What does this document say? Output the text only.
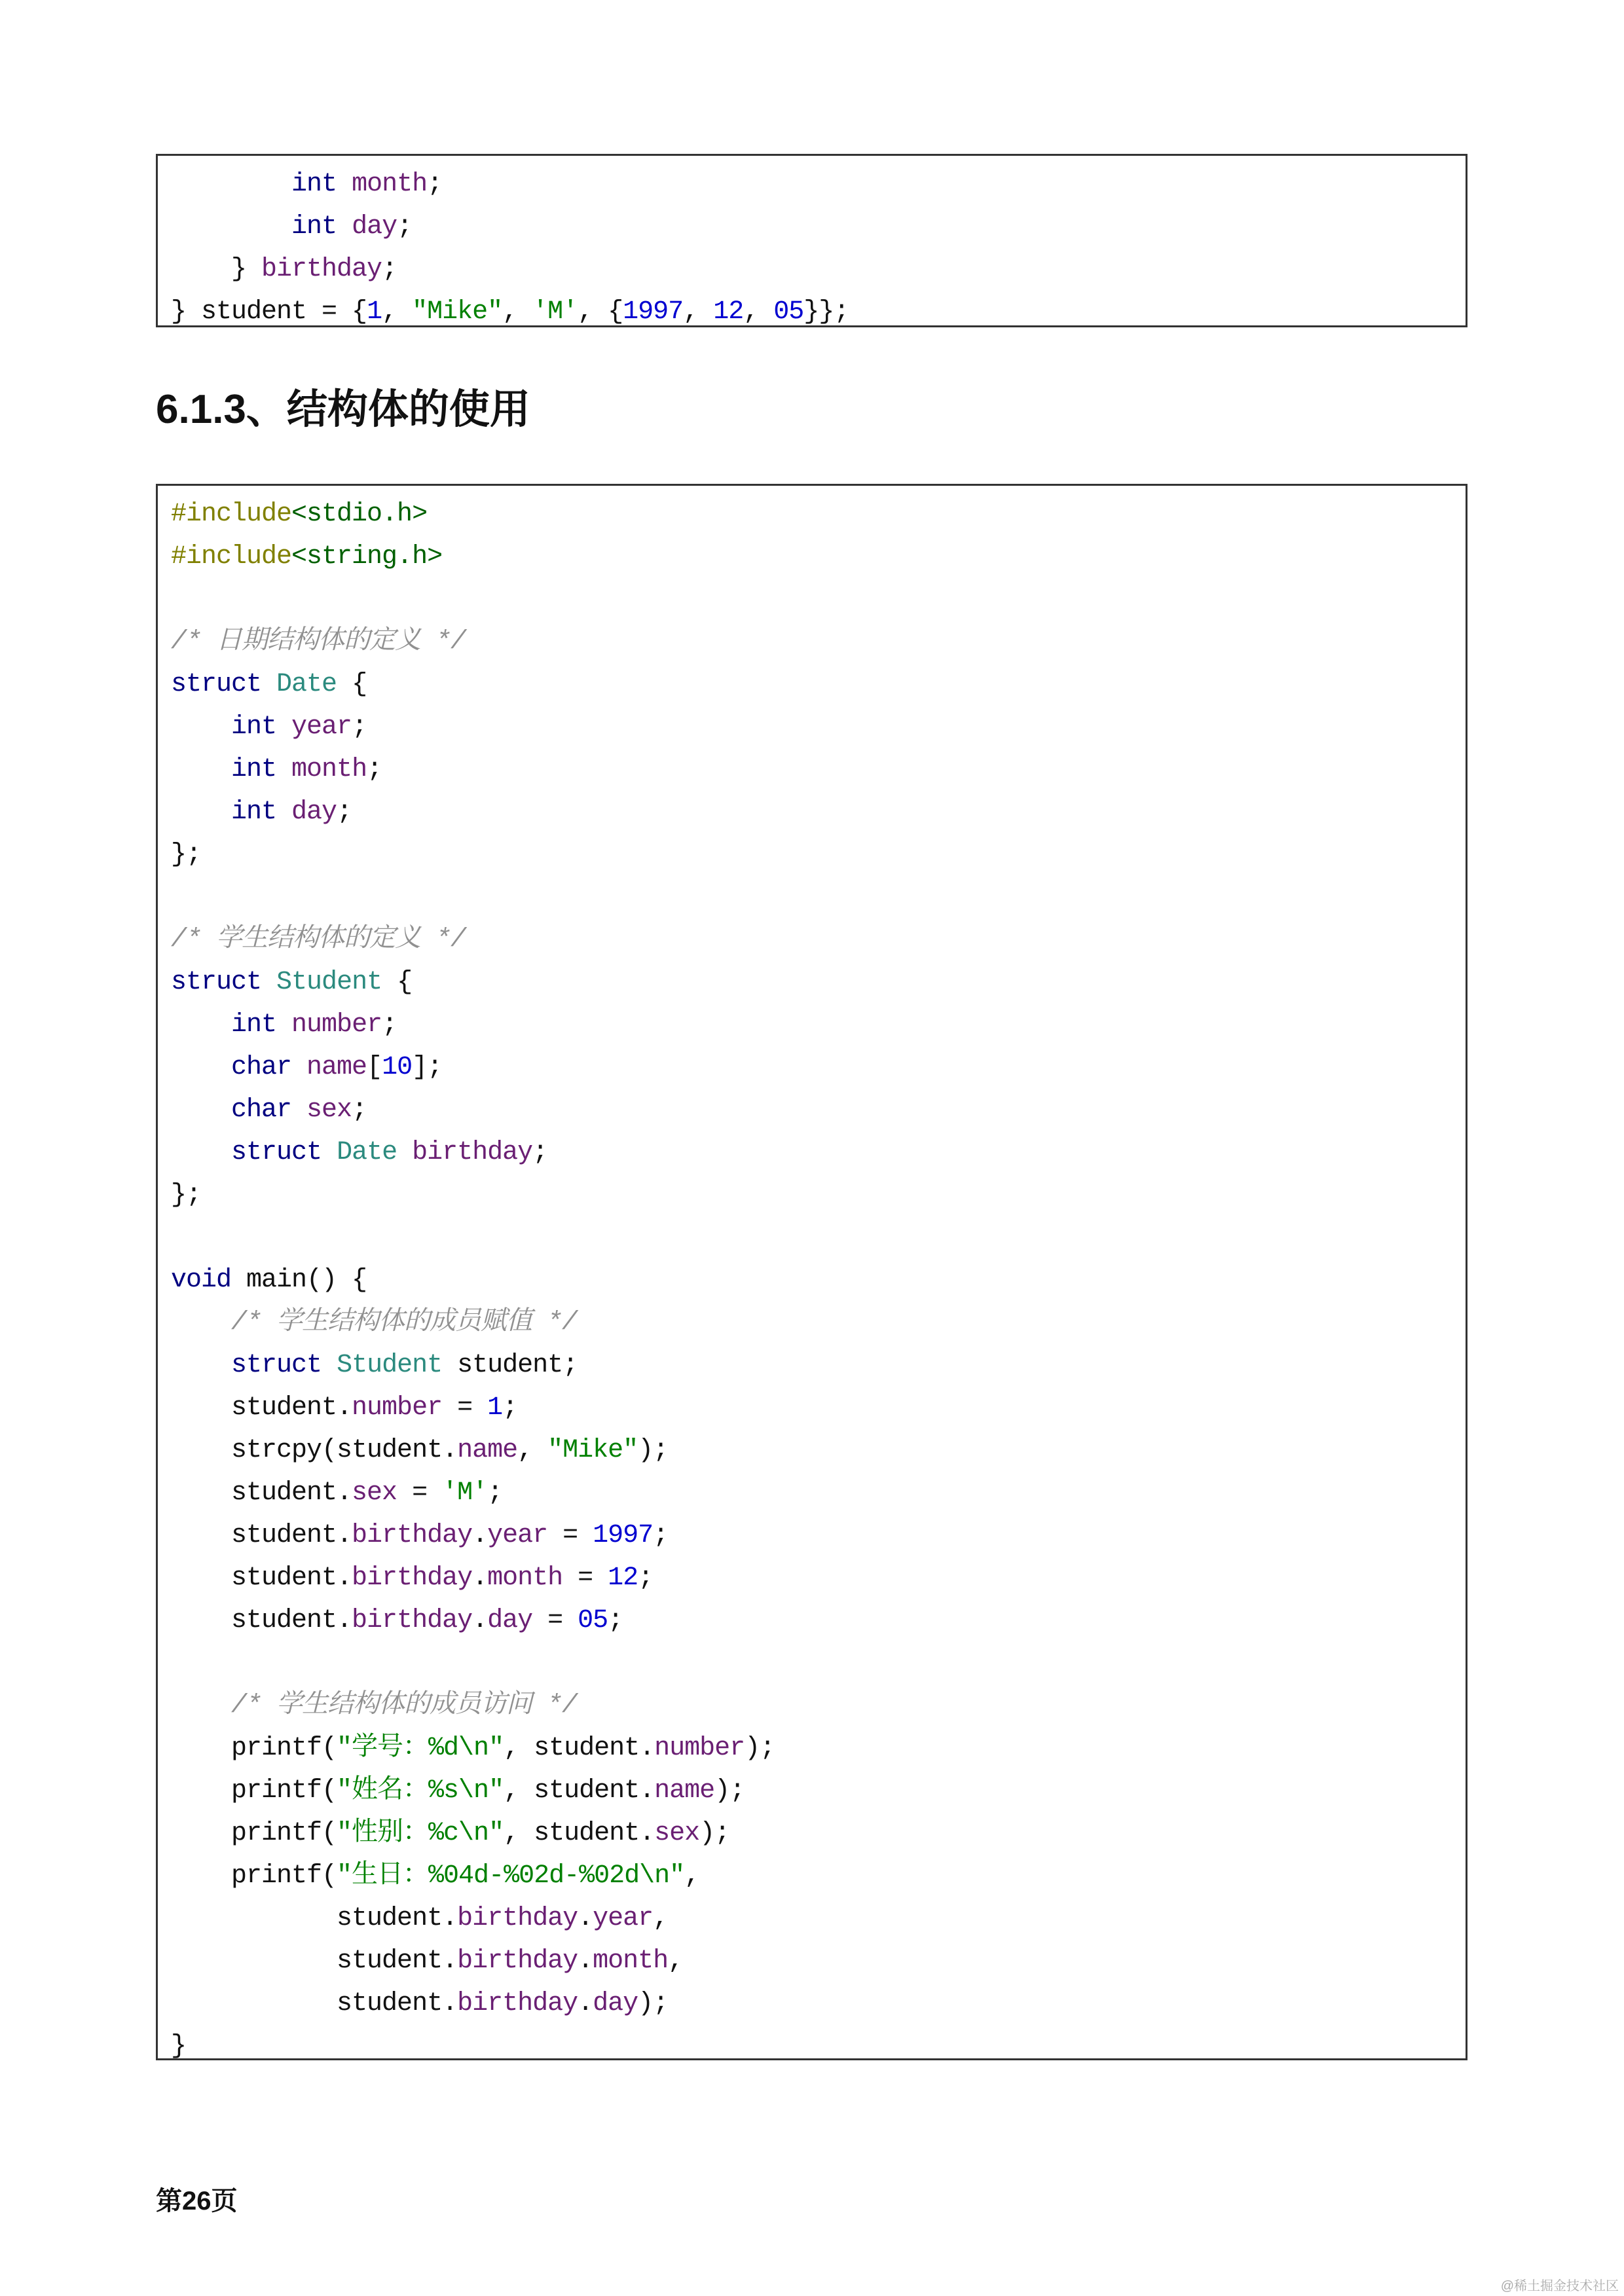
int month;
int day;
} birthday;
} student = {1, "Mike", 'M', {1997, 12, 05}};
6.1.3、结构体的使用
#include<stdio.h>
#include<string.h>
/* 日期结构体的定义 */
struct Date {
int year;
int month;
int day;
};
/* 学生结构体的定义 */
struct Student {
int number;
char name[10];
char sex;
struct Date birthday;
};
void main() {
/* 学生结构体的成员赋值 */
struct Student student;
student.number = 1;
strcpy(student.name, "Mike");
student.sex = 'M';
student.birthday.year = 1997;
student.birthday.month = 12;
student.birthday.day = 05;
/* 学生结构体的成员访问 */
printf("学号：%d\n", student.number);
printf("姓名：%s\n", student.name);
printf("性别：%c\n", student.sex);
printf("生日：%04d-%02d-%02d\n",
student.birthday.year,
student.birthday.month,
student.birthday.day);
}
第26页
@稀土掘金技术社区
